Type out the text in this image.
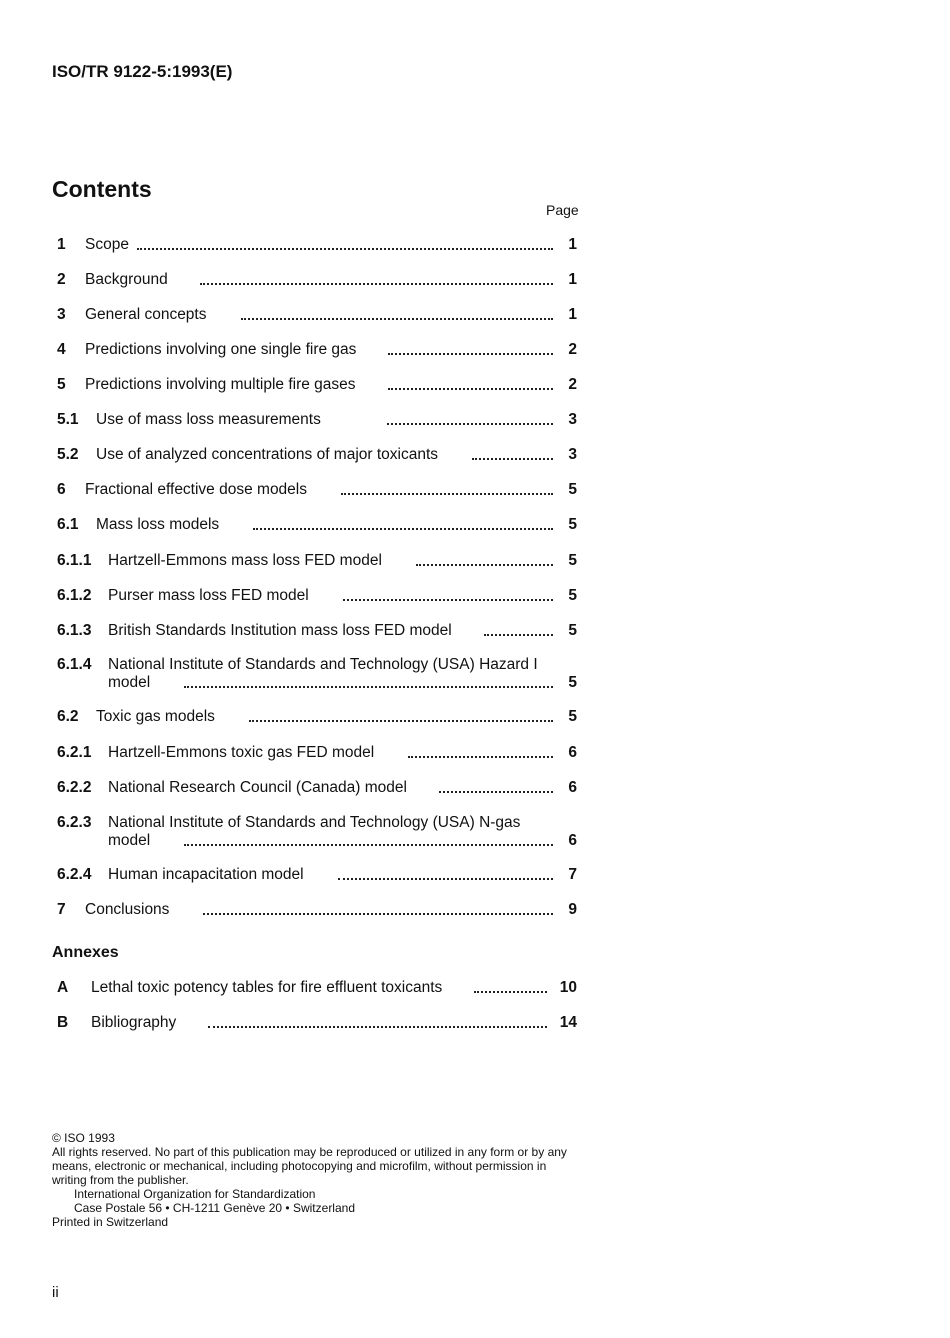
ISO/TR 9122-5:1993(E)
Contents
Page
1	Scope	1
2	Background	1
3	General concepts	1
4	Predictions involving one single fire gas	2
5	Predictions involving multiple fire gases	2
5.1	Use of mass loss measurements	3
5.2	Use of analyzed concentrations of major toxicants	3
6	Fractional effective dose models	5
6.1	Mass loss models	5
6.1.1	Hartzell-Emmons mass loss FED model	5
6.1.2	Purser mass loss FED model	5
6.1.3	British Standards Institution mass loss FED model	5
6.1.4	National Institute of Standards and Technology (USA) Hazard I
model	5
6.2	Toxic gas models	5
6.2.1	Hartzell-Emmons toxic gas FED model	6
6.2.2	National Research Council (Canada) model	6
6.2.3	National Institute of Standards and Technology (USA) N-gas
model	6
6.2.4	Human incapacitation model	7
7	Conclusions	9
Annexes
A	Lethal toxic potency tables for fire effluent toxicants	10
B	Bibliography	14

© ISO 1993

All rights reserved. No part of this publication may be reproduced or utilized in any form or by any means, electronic or mechanical, including photocopying and microfilm, without permission in writing from the publisher.

International Organization for Standardization

Case Postale 56 • CH-1211 Genève 20 • Switzerland

Printed in Switzerland

ii
